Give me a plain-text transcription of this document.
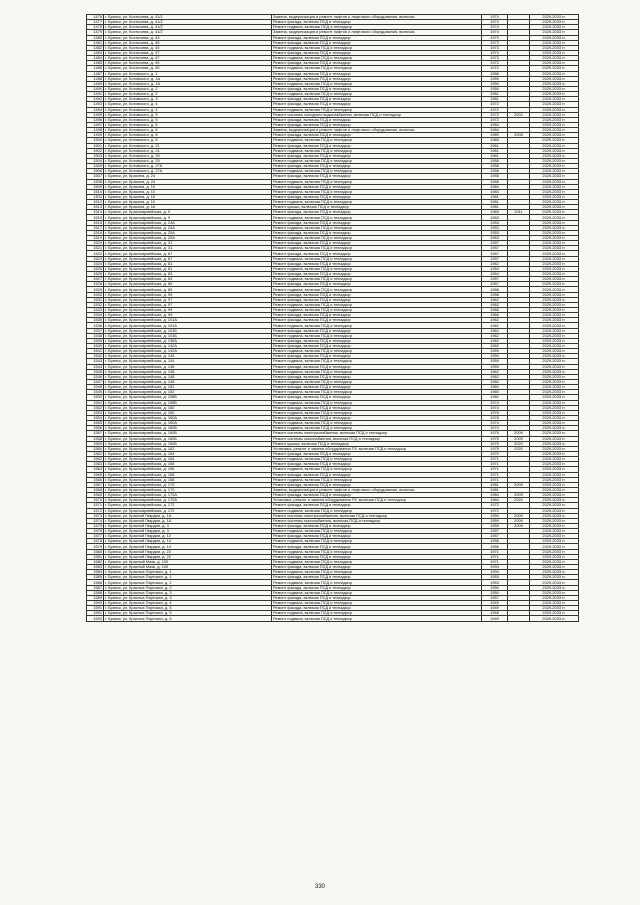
1476	г. Брянск, ул. Костычева, д. 41/1	Замена, модернизация и ремонт лифтов и лифтового оборудования, включая	1974		2029-2033 гг.
1477	г. Брянск, ул. Костычева, д. 41/2	Ремонт фасада, включая ПСД и технадзор	1974		2029-2033 гг.
1478	г. Брянск, ул. Костычева, д. 41/2	Ремонт подвала, включая ПСД и технадзор	1974		2029-2033 гг.
1479	г. Брянск, ул. Костычева, д. 41/2	Замена, модернизация и ремонт лифтов и лифтового оборудования, включая	1974		2029-2033 гг.
1480	г. Брянск, ул. Костычева, д. 43	Ремонт фасада, включая ПСД и технадзор	1973		2029-2033 гг.
1481	г. Брянск, ул. Костычева, д. 45	Ремонт фасада, включая ПСД и технадзор	1973		2029-2033 гг.
1482	г. Брянск, ул. Костычева, д. 45	Ремонт подвала, включая ПСД и технадзор	1973		2029-2033 гг.
1483	г. Брянск, ул. Костычева, д. 47	Ремонт фасада, включая ПСД и технадзор	1973		2029-2033 гг.
1484	г. Брянск, ул. Костычева, д. 47	Ремонт подвала, включая ПСД и технадзор	1973		2029-2033 гг.
1485	г. Брянск, ул. Костычева, д. 49	Ремонт фасада, включая ПСД и технадзор	1972		2029-2033 гг.
1486	г. Брянск, ул. Костычева, д. 49	Ремонт подвала, включая ПСД и технадзор	1972		2029-2033 гг.
1487	г. Брянск, ул. Котовского, д. 1	Ремонт фасада, включая ПСД и технадзор	1958		2029-2033 гг.
1488	г. Брянск, ул. Котовского, д. 1А	Ремонт фасада, включая ПСД и технадзор	1959		2029-2033 гг.
1489	г. Брянск, ул. Котовского, д. 1А	Ремонт подвала, включая ПСД и технадзор	1959		2029-2033 гг.
1490	г. Брянск, ул. Котовского, д. 2	Ремонт фасада, включая ПСД и технадзор	1959		2029-2033 гг.
1491	г. Брянск, ул. Котовского, д. 2	Ремонт подвала, включая ПСД и технадзор	1961		2029-2033 гг.
1492	г. Брянск, ул. Котовского, д. 3	Ремонт фасада, включая ПСД и технадзор	1961		2029-2033 гг.
1493	г. Брянск, ул. Котовского, д. 4	Ремонт фасада, включая ПСД и технадзор	1972		2029-2033 гг.
1494	г. Брянск, ул. Котовского, д. 4	Ремонт подвала, включая ПСД и технадзор	1972		2029-2033 гг.
1495	г. Брянск, ул. Котовского, д. 5	Ремонт системы холодного водоснабжения, включая ПСД и технадзор	1972	2002	2029-2033 гг.
1496	г. Брянск, ул. Котовского, д. 5	Ремонт фасада, включая ПСД и технадзор	1972		2029-2033 гг.
1497	г. Брянск, ул. Котовского, д. 6	Ремонт фасада, включая ПСД и технадзор	1984		2029-2033 гг.
1498	г. Брянск, ул. Котовского, д. 6	Замена, модернизация и ремонт лифтов и лифтового оборудования, включая	1984		2029-2033 гг.
1499	г. Брянск, ул. Котовского, д. 8	Ремонт фасада, включая ПСД и технадзор	1989	2008	2029-2033 гг.
1500	г. Брянск, ул. Котовского, д. 8	Ремонт подвала, включая ПСД и технадзор	1989		2029-2033 гг.
1501	г. Брянск, ул. Котовского, д. 21	Ремонт фасада, включая ПСД и технадзор	1961		2029-2033 гг.
1502	г. Брянск, ул. Котовского, д. 21	Ремонт подвала, включая ПСД и технадзор	1961		2029-2033 гг.
1503	г. Брянск, ул. Котовского, д. 25	Ремонт фасада, включая ПСД и технадзор	1961		2029-2033 гг.
1504	г. Брянск, ул. Котовского, д. 25	Ремонт подвала, включая ПСД и технадзор	1958		2029-2033 гг.
1505	г. Брянск, ул. Котовского, д. 27А	Ремонт фасада, включая ПСД и технадзор	1958		2029-2033 гг.
1506	г. Брянск, ул. Котовского, д. 27А	Ремонт подвала, включая ПСД и технадзор	1958		2029-2033 гг.
1507	г. Брянск, ул. Красина, д. 24	Ремонт фасада, включая ПСД и технадзор	1958		2029-2033 гг.
1508	г. Брянск, ул. Красина, д. 24	Ремонт подвала, включая ПСД и технадзор	1958		2029-2033 гг.
1509	г. Брянск, ул. Красина, д. 10	Ремонт фасада, включая ПСД и технадзор	1984		2029-2033 гг.
1510	г. Брянск, ул. Красина, д. 10	Ремонт подвала, включая ПСД и технадзор	1984		2029-2033 гг.
1511	г. Брянск, ул. Красина, д. 10	Ремонт фасада, включая ПСД и технадзор	1981		2029-2033 гг.
1512	г. Брянск, ул. Красина, д. 10	Ремонт подвала, включая ПСД и технадзор	1981		2029-2033 гг.
1513	г. Брянск, ул. Красина, д. 16	Ремонт крыши, включая ПСД и технадзор	1981		2029-2033 гг.
1514	г. Брянск, ул. Красноармейская, д. 9	Ремонт фасада, включая ПСД и технадзор	1983	2011	2029-2033 гг.
1515	г. Брянск, ул. Красноармейская, д. 9	Ремонт подвала, включая ПСД и технадзор	1953		2029-2033 гг.
1516	г. Брянск, ул. Красноармейская, д. 24А	Ремонт фасада, включая ПСД и технадзор	1953		2029-2033 гг.
1517	г. Брянск, ул. Красноармейская, д. 24А	Ремонт подвала, включая ПСД и технадзор	1953		2029-2033 гг.
1518	г. Брянск, ул. Красноармейская, д. 25А	Ремонт фасада, включая ПСД и технадзор	1953		2029-2033 гг.
1519	г. Брянск, ул. Красноармейская, д. 25А	Ремонт подвала, включая ПСД и технадзор	1963		2029-2033 гг.
1520	г. Брянск, ул. Красноармейская, д. 31	Ремонт фасада, включая ПСД и технадзор	1957		2029-2033 гг.
1521	г. Брянск, ул. Красноармейская, д. 31	Ремонт подвала, включая ПСД и технадзор	1957		2029-2033 гг.
1522	г. Брянск, ул. Красноармейская, д. 67	Ремонт фасада, включая ПСД и технадзор	1957		2029-2033 гг.
1523	г. Брянск, ул. Красноармейская, д. 67	Ремонт подвала, включая ПСД и технадзор	1957		2029-2033 гг.
1524	г. Брянск, ул. Красноармейская, д. 81	Ремонт фасада, включая ПСД и технадзор	1962		2029-2033 гг.
1525	г. Брянск, ул. Красноармейская, д. 81	Ремонт подвала, включая ПСД и технадзор	1954		2029-2033 гг.
1526	г. Брянск, ул. Красноармейская, д. 83	Ремонт фасада, включая ПСД и технадзор	1954		2029-2033 гг.
1527	г. Брянск, ул. Красноармейская, д. 83	Ремонт подвала, включая ПСД и технадзор	1957		2029-2033 гг.
1528	г. Брянск, ул. Красноармейская, д. 89	Ремонт фасада, включая ПСД и технадзор	1957		2029-2033 гг.
1529	г. Брянск, ул. Красноармейская, д. 89	Ремонт подвала, включая ПСД и технадзор	1958		2029-2033 гг.
1530	г. Брянск, ул. Красноармейская, д. 93	Ремонт фасада, включая ПСД и технадзор	1958		2029-2033 гг.
1531	г. Брянск, ул. Красноармейская, д. 97	Ремонт фасада, включая ПСД и технадзор	1962		2029-2033 гг.
1532	г. Брянск, ул. Красноармейская, д. 97	Ремонт подвала, включая ПСД и технадзор	1962		2029-2033 гг.
1533	г. Брянск, ул. Красноармейская, д. 99	Ремонт подвала, включая ПСД и технадзор	1966		2029-2033 гг.
1534	г. Брянск, ул. Красноармейская, д. 99	Ремонт фасада, включая ПСД и технадзор	1966		2029-2033 гг.
1535	г. Брянск, ул. Красноармейская, д. 101А	Ремонт фасада, включая ПСД и технадзор	1962		2029-2033 гг.
1536	г. Брянск, ул. Красноармейская, д. 101А	Ремонт подвала, включая ПСД и технадзор	1962		2029-2033 гг.
1537	г. Брянск, ул. Красноармейская, д. 101Б	Ремонт фасада, включая ПСД и технадзор	1962		2029-2033 гг.
1538	г. Брянск, ул. Красноармейская, д. 101Б	Ремонт подвала, включая ПСД и технадзор	1962		2029-2033 гг.
1539	г. Брянск, ул. Красноармейская, д. 136А	Ремонт фасада, включая ПСД и технадзор	1962		2029-2033 гг.
1540	г. Брянск, ул. Красноармейская, д. 142А	Ремонт фасада, включая ПСД и технадзор	1962		2029-2033 гг.
1541	г. Брянск, ул. Красноармейская, д. 142А	Ремонт подвала, включая ПСД и технадзор	1959		2029-2033 гг.
1542	г. Брянск, ул. Красноармейская, д. 144	Ремонт фасада, включая ПСД и технадзор	1959		2029-2033 гг.
1543	г. Брянск, ул. Красноармейская, д. 144	Ремонт подвала, включая ПСД и технадзор	1959		2029-2033 гг.
1544	г. Брянск, ул. Красноармейская, д. 146	Ремонт фасада, включая ПСД и технадзор	1959		2029-2033 гг.
1545	г. Брянск, ул. Красноармейская, д. 146	Ремонт подвала, включая ПСД и технадзор	1962		2029-2033 гг.
1546	г. Брянск, ул. Красноармейская, д. 148	Ремонт фасада, включая ПСД и технадзор	1962		2029-2033 гг.
1547	г. Брянск, ул. Красноармейская, д. 148	Ремонт подвала, включая ПСД и технадзор	1960		2029-2033 гг.
1548	г. Брянск, ул. Красноармейская, д. 152	Ремонт фасада, включая ПСД и технадзор	1960		2029-2033 гг.
1549	г. Брянск, ул. Красноармейская, д. 152	Ремонт подвала, включая ПСД и технадзор	1960		2029-2033 гг.
1550	г. Брянск, ул. Красноармейская, д. 158Б	Ремонт фасада, включая ПСД и технадзор	1982		2029-2033 гг.
1551	г. Брянск, ул. Красноармейская, д. 158Б	Ремонт подвала, включая ПСД и технадзор	1974		2029-2033 гг.
1552	г. Брянск, ул. Красноармейская, д. 160	Ремонт фасада, включая ПСД и технадзор	1974		2029-2033 гг.
1553	г. Брянск, ул. Красноармейская, д. 160	Ремонт подвала, включая ПСД и технадзор	1978		2029-2033 гг.
1554	г. Брянск, ул. Красноармейская, д. 160А	Ремонт фасада, включая ПСД и технадзор	1978		2029-2033 гг.
1555	г. Брянск, ул. Красноармейская, д. 160А	Ремонт подвала, включая ПСД и технадзор	1974		2029-2033 гг.
1556	г. Брянск, ул. Красноармейская, д. 160Б	Ремонт подвала, включая ПСД и технадзор	1974		2029-2033 гг.
1557	г. Брянск, ул. Красноармейская, д. 160Б	Ремонт системы электроснабжения, включая ПСД и технадзор	1975	2009	2029-2033 гг.
1558	г. Брянск, ул. Красноармейская, д. 160Б	Ремонт системы газоснабжения, включая ПСД и технадзор	1975	2009	2029-2033 гг.
1559	г. Брянск, ул. Красноармейская, д. 160Б	Ремонт крыши, включая ПСД и технадзор	1975	2020	2029-2033 гг.
1560	г. Брянск, ул. Красноармейская, д. 162	Установка, ремонт и замена оборудования ПУ, включая ПСД и технадзор	1975	2020	2029-2033 гг.
1561	г. Брянск, ул. Красноармейская, д. 164	Ремонт фасада, включая ПСД и технадзор	1970		2029-2033 гг.
1562	г. Брянск, ул. Красноармейская, д. 164	Ремонт подвала, включая ПСД и технадзор	1971		2029-2033 гг.
1563	г. Брянск, ул. Красноармейская, д. 166	Ремонт фасада, включая ПСД и технадзор	1971		2029-2033 гг.
1564	г. Брянск, ул. Красноармейская, д. 166	Ремонт подвала, включая ПСД и технадзор	1971		2029-2033 гг.
1565	г. Брянск, ул. Красноармейская, д. 168	Ремонт фасада, включая ПСД и технадзор	1971		2029-2033 гг.
1566	г. Брянск, ул. Красноармейская, д. 168	Ремонт подвала, включая ПСД и технадзор	1971		2029-2033 гг.
1567	г. Брянск, ул. Красноармейская, д. 170	Ремонт фасада, включая ПСД и технадзор	1981	2009	2029-2033 гг.
1568	г. Брянск, ул. Красноармейская, д. 170	Замена, модернизация и ремонт лифтов и лифтового оборудования, включая	1981		2029-2033 гг.
1569	г. Брянск, ул. Красноармейская, д. 170А	Ремонт фасада, включая ПСД и технадзор	1984	2009	2029-2033 гг.
1570	г. Брянск, ул. Красноармейская, д. 170А	Установка, ремонт и замена оборудования ПУ, включая ПСД и технадзор	1984	2020	2029-2033 гг.
1571	г. Брянск, ул. Красноармейская, д. 172	Ремонт фасада, включая ПСД и технадзор	1972		2029-2033 гг.
1572	г. Брянск, ул. Красноармейская, д. 172	Ремонт подвала, включая ПСД и технадзор	1972		2029-2033 гг.
1573	г. Брянск, ул. Красной Гвардии, д. 1А	Ремонт системы электроснабжения, включая ПСД и технадзор	1959	2009	2029-2033 гг.
1574	г. Брянск, ул. Красной Гвардии, д. 1А	Ремонт системы газоснабжения, включая ПСД и технадзор	1959	2009	2029-2033 гг.
1575	г. Брянск, ул. Красной Гвардии, д. 3	Ремонт фасада, включая ПСД и технадзор	1959	2009	2029-2033 гг.
1576	г. Брянск, ул. Красной Гвардии, д. 3	Ремонт подвала, включая ПСД и технадзор	1957		2029-2033 гг.
1577	г. Брянск, ул. Красной Гвардии, д. 12	Ремонт фасада, включая ПСД и технадзор	1957		2029-2033 гг.
1578	г. Брянск, ул. Красной Гвардии, д. 14	Ремонт подвала, включая ПСД и технадзор	1956		2029-2033 гг.
1579	г. Брянск, ул. Красной Гвардии, д. 14	Ремонт фасада, включая ПСД и технадзор	1956		2029-2033 гг.
1580	г. Брянск, ул. Красной Гвардии, д. 22	Ремонт подвала, включая ПСД и технадзор	1971		2029-2033 гг.
1581	г. Брянск, ул. Красной Гвардии, д. 22	Ремонт фасада, включая ПСД и технадзор	1971		2029-2033 гг.
1582	г. Брянск, ул. Красный Маяк, д. 100	Ремонт подвала, включая ПСД и технадзор	1971		2029-2033 гг.
1583	г. Брянск, ул. Красный Маяк, д. 100	Ремонт фасада, включая ПСД и технадзор	1994		2029-2033 гг.
1584	г. Брянск, ул. Красных Партизан, д. 1	Ремонт подвала, включая ПСД и технадзор	1994		2029-2033 гг.
1585	г. Брянск, ул. Красных Партизан, д. 1	Ремонт фасада, включая ПСД и технадзор	1953		2029-2033 гг.
1586	г. Брянск, ул. Красных Партизан, д. 2	Ремонт подвала, включая ПСД и технадзор	1953		2029-2033 гг.
1587	г. Брянск, ул. Красных Партизан, д. 2	Ремонт фасада, включая ПСД и технадзор	1950		2029-2033 гг.
1588	г. Брянск, ул. Красных Партизан, д. 3	Ремонт подвала, включая ПСД и технадзор	1950		2029-2033 гг.
1589	г. Брянск, ул. Красных Партизан, д. 3	Ремонт фасада, включая ПСД и технадзор	1957		2029-2033 гг.
1590	г. Брянск, ул. Красных Партизан, д. 4	Ремонт подвала, включая ПСД и технадзор	1949		2029-2033 гг.
1591	г. Брянск, ул. Красных Партизан, д. 5	Ремонт фасада, включая ПСД и технадзор	1949		2029-2033 гг.
1592	г. Брянск, ул. Красных Партизан, д. 5	Ремонт подвала, включая ПСД и технадзор	1948		2029-2033 гг.
1593	г. Брянск, ул. Красных Партизан, д. 5	Ремонт подвала, включая ПСД и технадзор	1949		2029-2033 гг.
330
